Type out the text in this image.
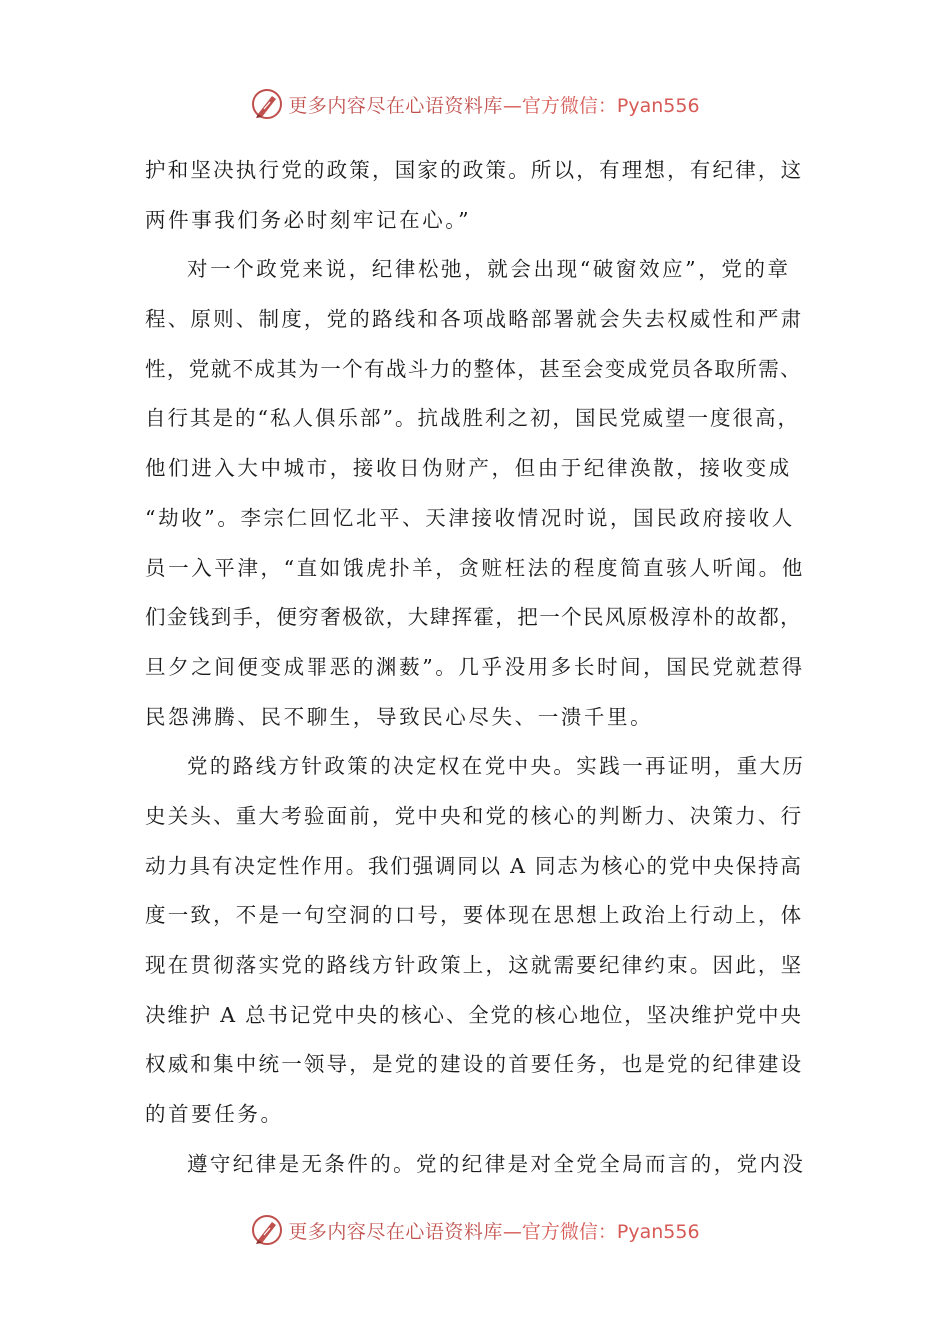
更多内容尽在心语资料库 —官方微信：Pyan556
护和坚决执行党的政策，国家的政策。所以，有理想，有纪律，这
两件事我们务必时刻牢记在心。”
对一个政党来说，纪律松弛，就会出现“破窗效应”，党的章
程、原则、制度，党的路线和各项战略部署就会失去权威性和严肃
性，党就不成其为一个有战斗力的整体，甚至会变成党员各取所需、
自行其是的“私人俱乐部”。抗战胜利之初，国民党威望一度很高，
他们进入大中城市，接收日伪财产，但由于纪律涣散，接收变成
“劫收”。李宗仁回忆北平、天津接收情况时说，国民政府接收人
员一入平津，“直如饿虎扑羊，贪赃枉法的程度简直骇人听闻。他
们金钱到手，便穷奢极欲，大肆挥霍，把一个民风原极淳朴的故都，
旦夕之间便变成罪恶的渊薮”。几乎没用多长时间，国民党就惹得
民怨沸腾、民不聊生，导致民心尽失、一溃千里。
党的路线方针政策的决定权在党中央。实践一再证明，重大历
史关头、重大考验面前，党中央和党的核心的判断力、决策力、行
动力具有决定性作用。我们强调同以 A 同志为核心的党中央保持高
度一致，不是一句空洞的口号，要体现在思想上政治上行动上，体
现在贯彻落实党的路线方针政策上，这就需要纪律约束。因此，坚
决维护 A 总书记党中央的核心、全党的核心地位，坚决维护党中央
权威和集中统一领导，是党的建设的首要任务，也是党的纪律建设
的首要任务。
遵守纪律是无条件的。党的纪律是对全党全局而言的，党内没
更多内容尽在心语资料库 —官方微信：Pyan556
